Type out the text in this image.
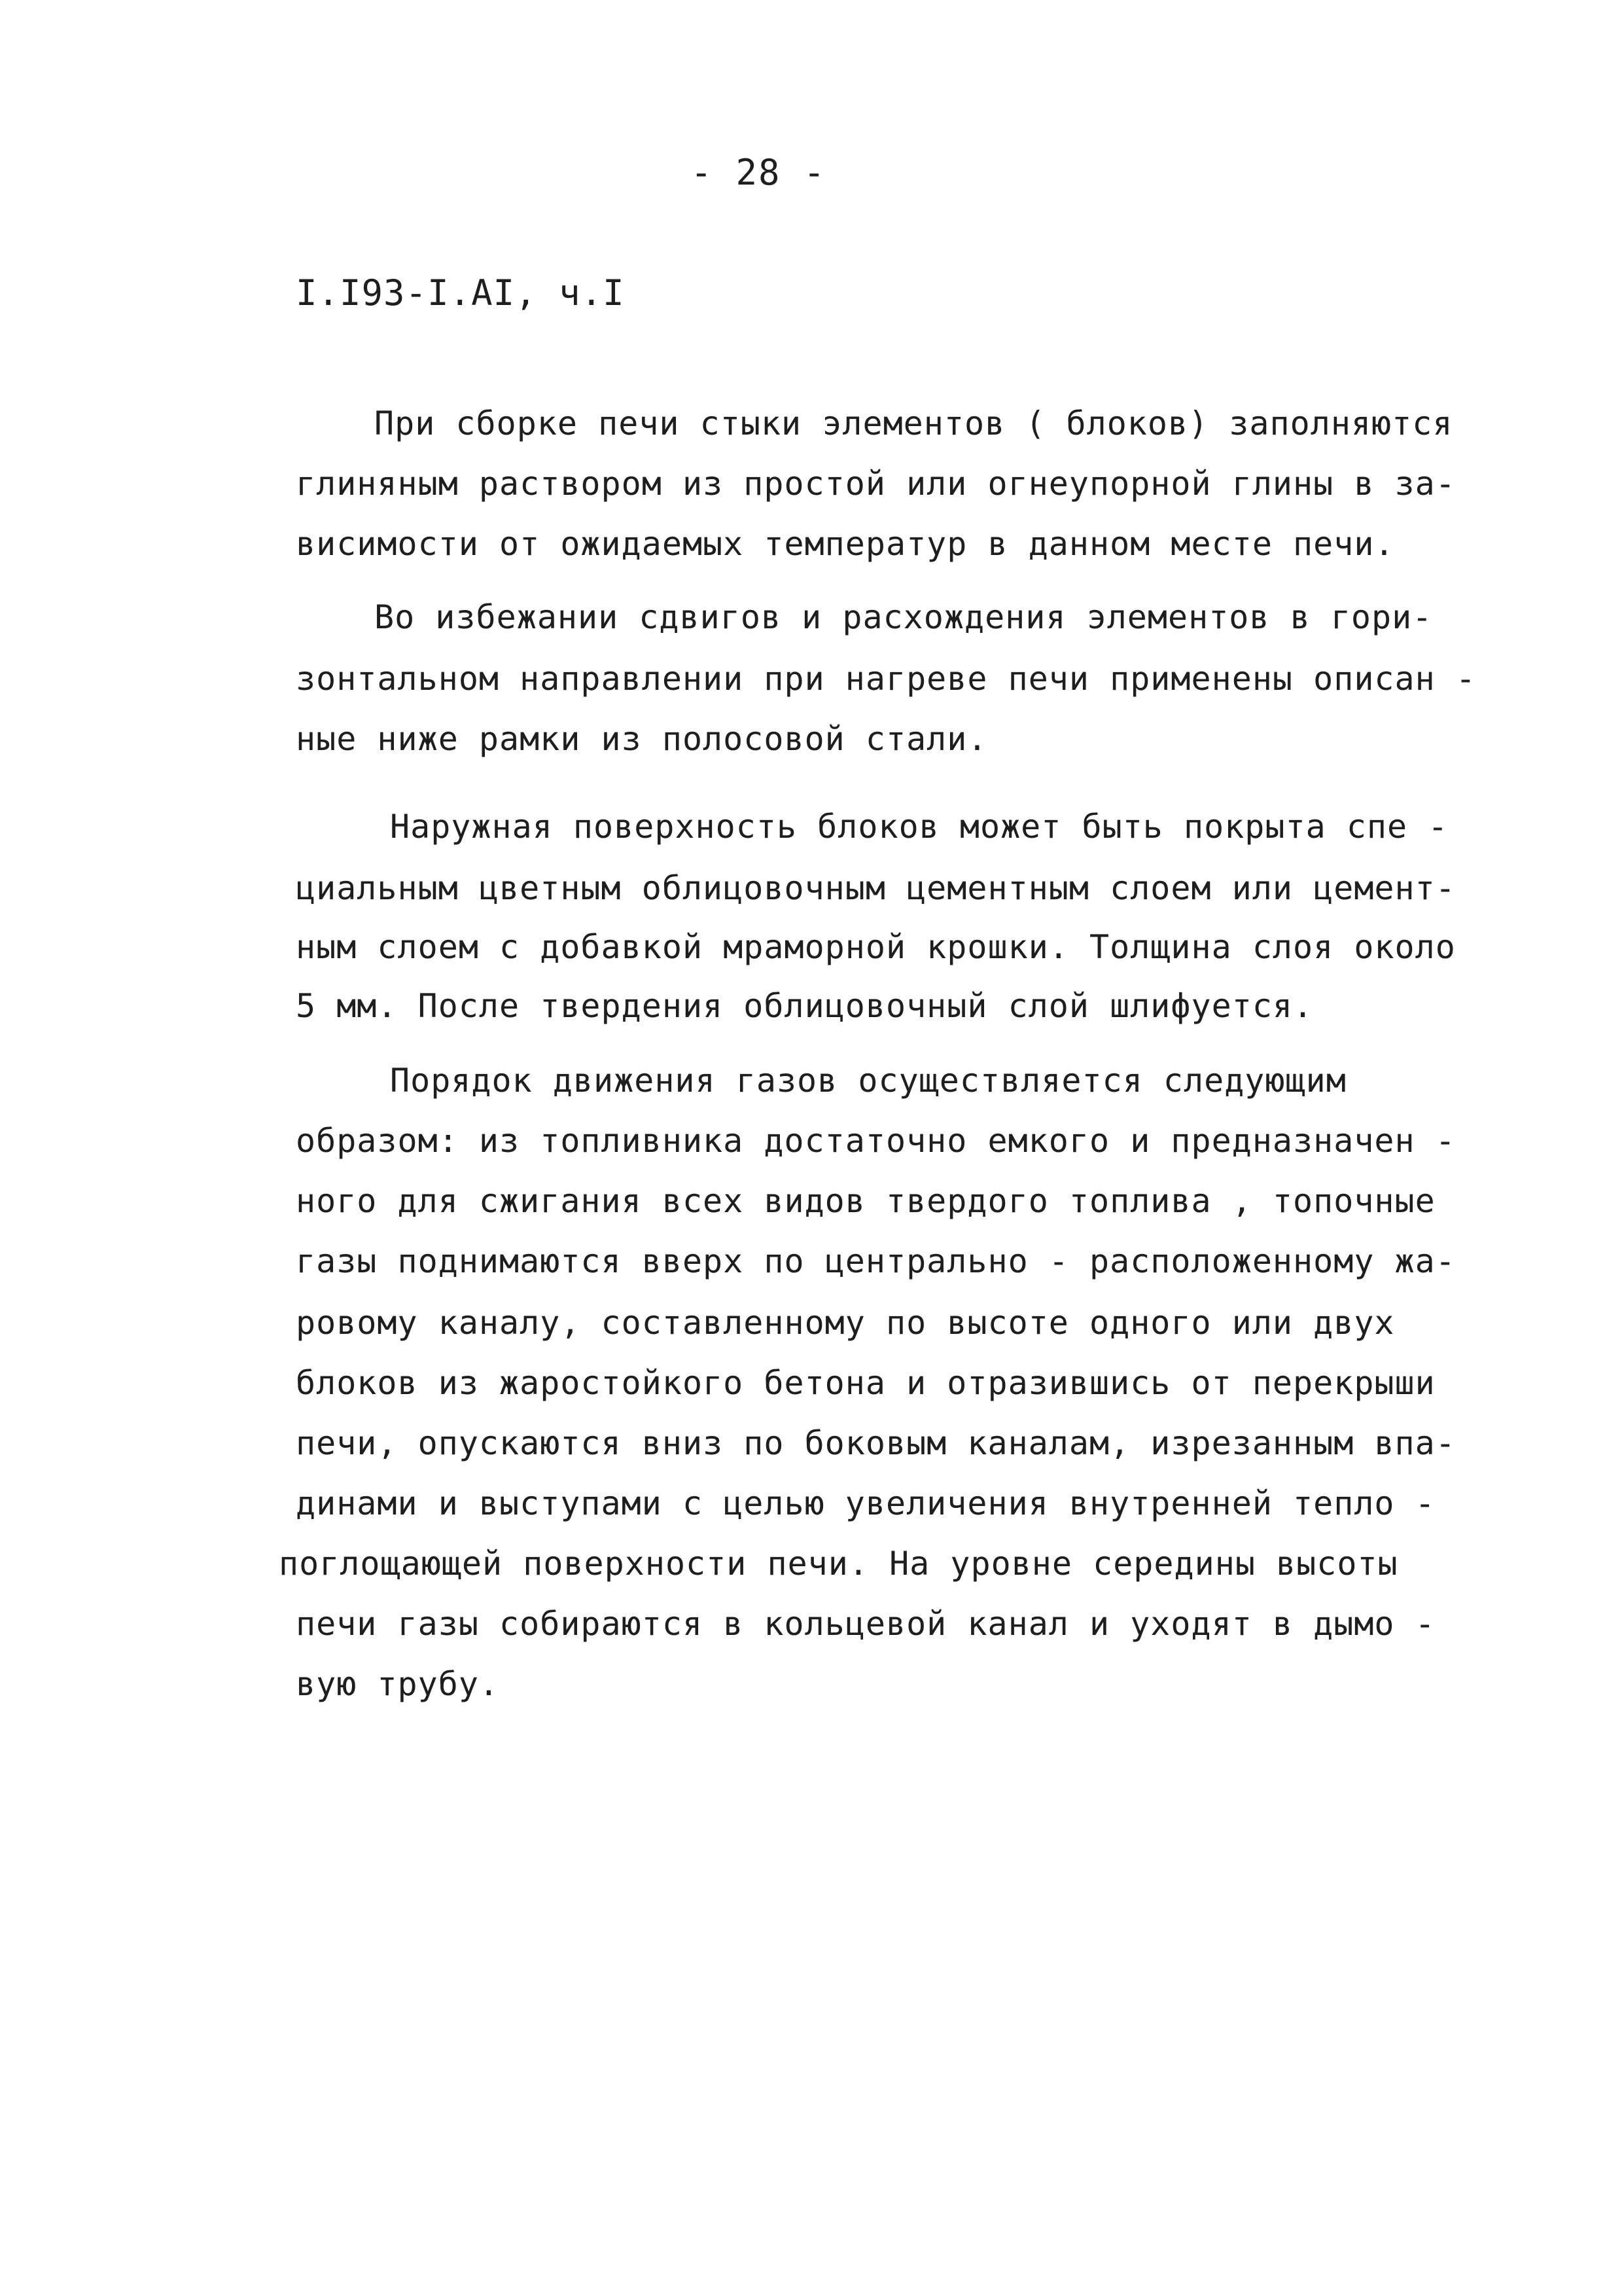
- 28 -
I.I93-I.AI, ч.I
При сборке печи стыки элементов ( блоков) заполняются
глиняным раствором из простой или огнеупорной глины в за-
висимости от ожидаемых температур в данном месте печи.
Во избежании сдвигов и расхождения элементов в гори-
зонтальном направлении при нагреве печи применены описан -
ные ниже рамки из полосовой стали.
Наружная поверхность блоков может быть покрыта спе -
циальным цветным облицовочным цементным слоем или цемент-
ным слоем с добавкой мраморной крошки. Толщина слоя около
5 мм. После твердения облицовочный слой шлифуется.
Порядок движения газов осуществляется следующим
образом: из топливника достаточно емкого и предназначен -
ного для сжигания всех видов твердого топлива , топочные
газы поднимаются вверх по центрально - расположенному жа-
ровому каналу, составленному по высоте одного или двух
блоков из жаростойкого бетона и отразившись от перекрыши
печи, опускаются вниз по боковым каналам, изрезанным впа-
динами и выступами с целью увеличения внутренней тепло -
поглощающей поверхности печи. На уровне середины высоты
печи газы собираются в кольцевой канал и уходят в дымо -
вую трубу.
